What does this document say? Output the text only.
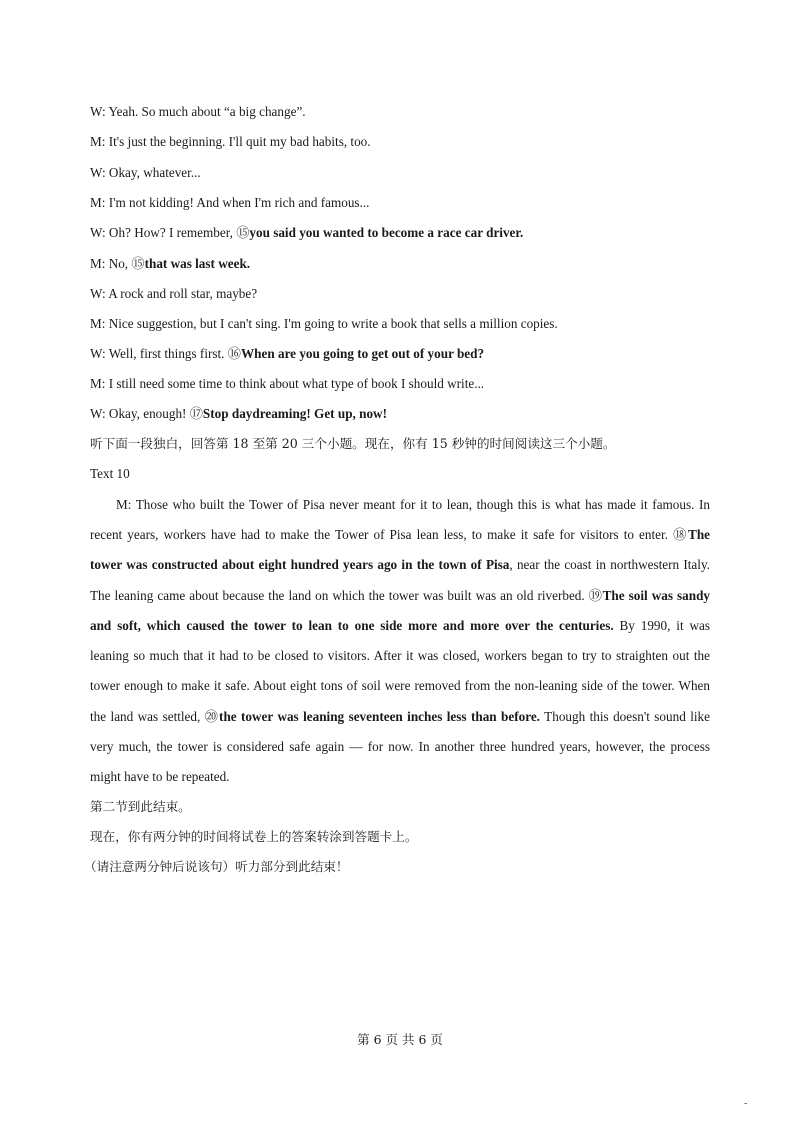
W: Yeah. So much about “a big change”.
M: It's just the beginning. I'll quit my bad habits, too.
W: Okay, whatever...
M: I'm not kidding! And when I'm rich and famous...
W: Oh? How? I remember, ⑮you said you wanted to become a race car driver.
M: No, ⑮that was last week.
W: A rock and roll star, maybe?
M: Nice suggestion, but I can't sing. I'm going to write a book that sells a million copies.
W: Well, first things first. ⑯When are you going to get out of your bed?
M: I still need some time to think about what type of book I should write...
W: Okay, enough! ⑰Stop daydreaming! Get up, now!
听下面一段独白，回答第 18 至第 20 三个小题。现在，你有 15 秒钟的时间阅读这三个小题。
Text 10
M: Those who built the Tower of Pisa never meant for it to lean, though this is what has made it famous. In
recent years, workers have had to make the Tower of Pisa lean less, to make it safe for visitors to enter. ⑱The
tower was constructed about eight hundred years ago in the town of Pisa, near the coast in northwestern Italy.
The leaning came about because the land on which the tower was built was an old riverbed. ⑲The soil was sandy
and soft, which caused the tower to lean to one side more and more over the centuries. By 1990, it was
leaning so much that it had to be closed to visitors. After it was closed, workers began to try to straighten out the
tower enough to make it safe. About eight tons of soil were removed from the non-leaning side of the tower. When
the land was settled, ⑳the tower was leaning seventeen inches less than before. Though this doesn't sound like
very much, the tower is considered safe again — for now. In another three hundred years, however, the process
might have to be repeated.
第二节到此结束。
现在，你有两分钟的时间将试卷上的答案转涂到答题卡上。
（请注意两分钟后说该句）听力部分到此结束！
第 6 页 共 6 页
-
